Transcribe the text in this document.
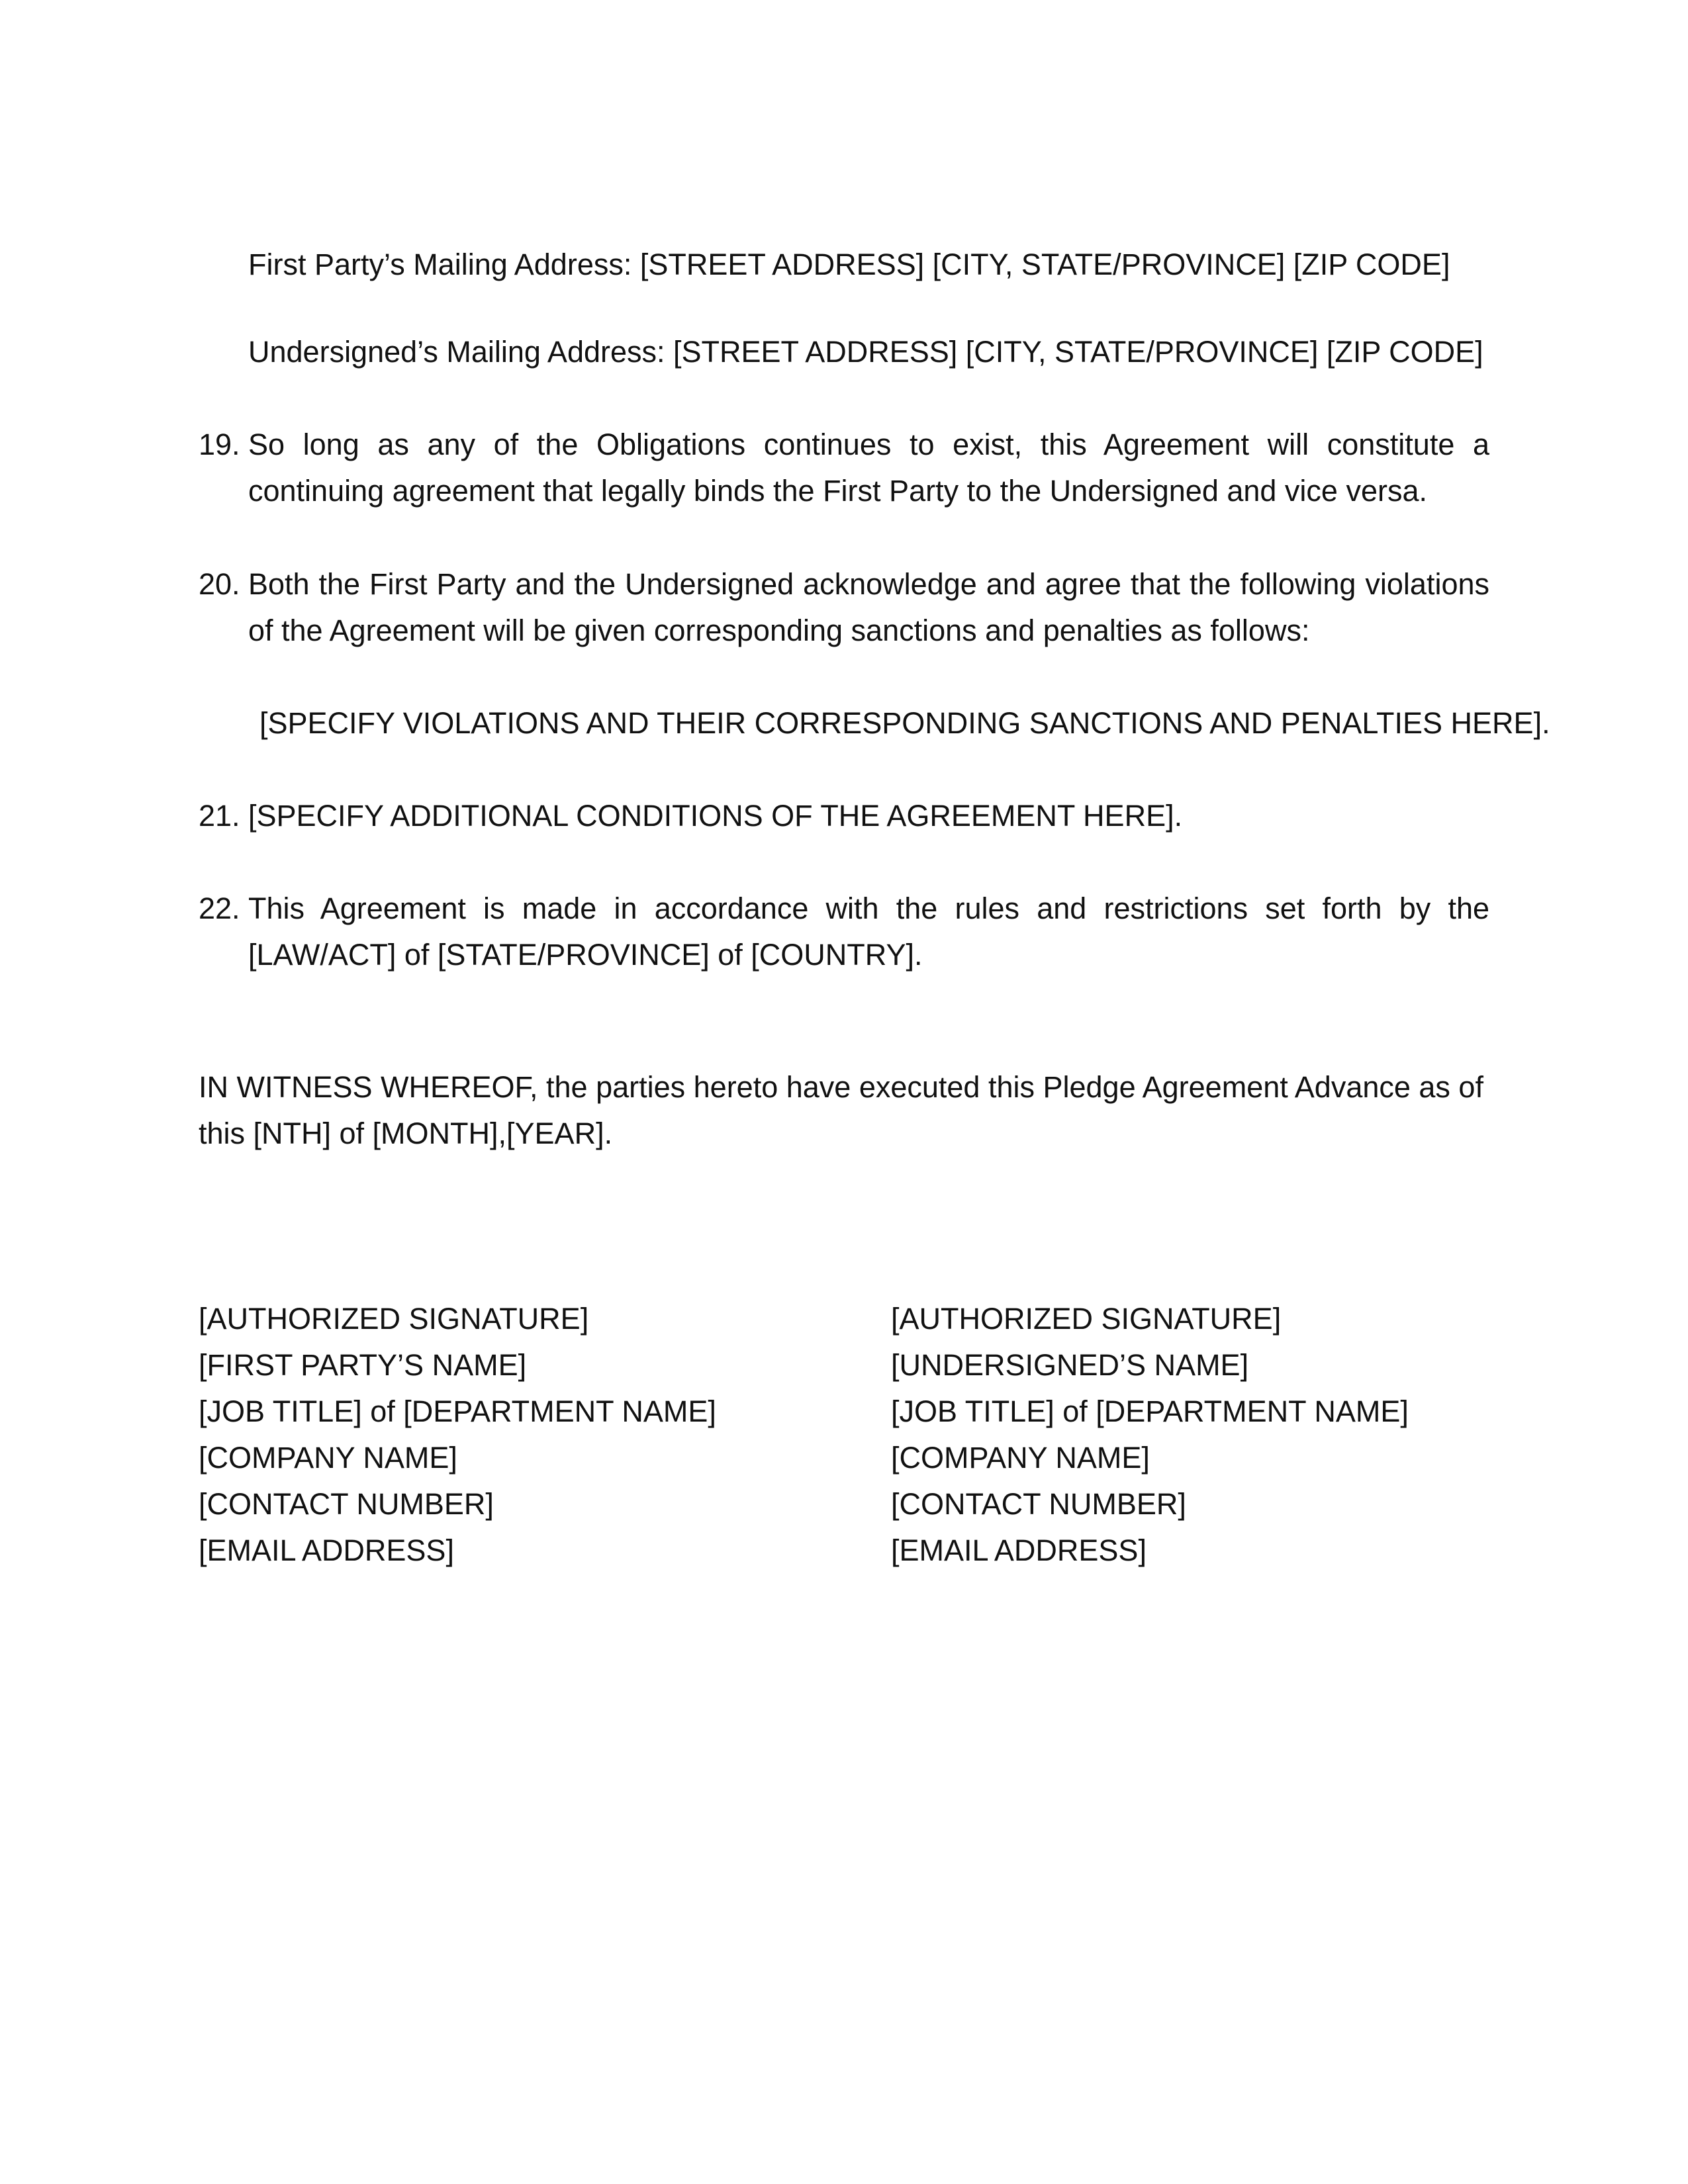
First Party’s Mailing Address: [STREET ADDRESS] [CITY, STATE/PROVINCE] [ZIP CODE]
Undersigned’s Mailing Address: [STREET ADDRESS] [CITY, STATE/PROVINCE] [ZIP CODE]
19. So long as any of the Obligations continues to exist, this Agreement will constitute a
continuing agreement that legally binds the First Party to the Undersigned and vice versa.
20. Both the First Party and the Undersigned acknowledge and agree that the following violations
of the Agreement will be given corresponding sanctions and penalties as follows:
[SPECIFY VIOLATIONS AND THEIR CORRESPONDING SANCTIONS AND PENALTIES HERE].
21. [SPECIFY ADDITIONAL CONDITIONS OF THE AGREEMENT HERE].
22. This Agreement is made in accordance with the rules and restrictions set forth by the
[LAW/ACT] of [STATE/PROVINCE] of [COUNTRY].
IN WITNESS WHEREOF, the parties hereto have executed this Pledge Agreement Advance as of
this [NTH] of [MONTH],[YEAR].
[AUTHORIZED SIGNATURE]
[FIRST PARTY’S NAME]
[JOB TITLE] of [DEPARTMENT NAME]
[COMPANY NAME]
[CONTACT NUMBER]
[EMAIL ADDRESS]
[AUTHORIZED SIGNATURE]
[UNDERSIGNED’S NAME]
[JOB TITLE] of [DEPARTMENT NAME]
[COMPANY NAME]
[CONTACT NUMBER]
[EMAIL ADDRESS]
